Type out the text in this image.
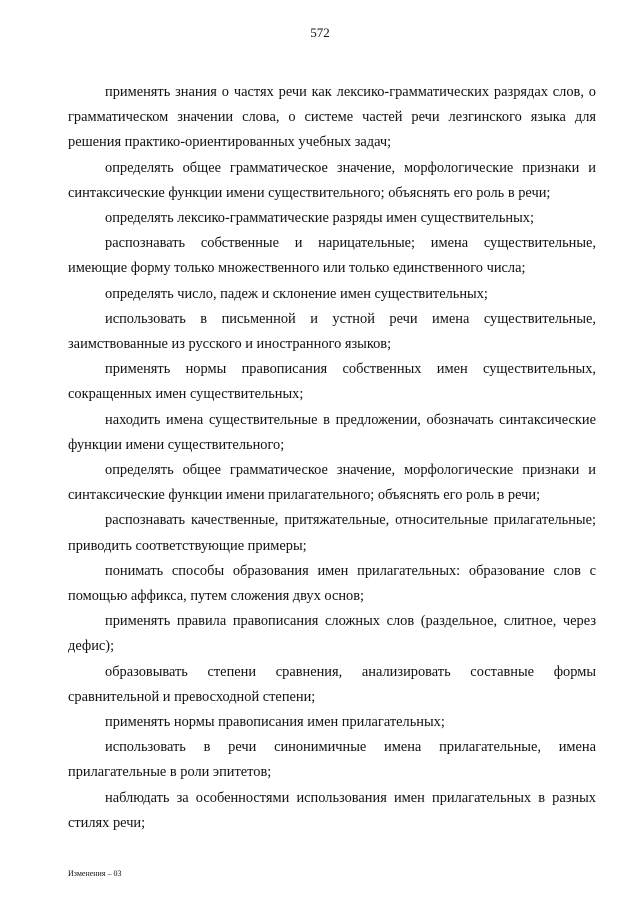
572

применять знания о частях речи как лексико-грамматических разрядах слов, о грамматическом значении слова, о системе частей речи лезгинского языка для решения практико-ориентированных учебных задач;

определять общее грамматическое значение, морфологические признаки и синтаксические функции имени существительного; объяснять его роль в речи;

определять лексико-грамматические разряды имен существительных;

распознавать собственные и нарицательные; имена существительные, имеющие форму только множественного или только единственного числа;

определять число, падеж и склонение имен существительных;

использовать в письменной и устной речи имена существительные, заимствованные из русского и иностранного языков;

применять нормы правописания собственных имен существительных, сокращенных имен существительных;

находить имена существительные в предложении, обозначать синтаксические функции имени существительного;

определять общее грамматическое значение, морфологические признаки и синтаксические функции имени прилагательного; объяснять его роль в речи;

распознавать качественные, притяжательные, относительные прилагательные; приводить соответствующие примеры;

понимать способы образования имен прилагательных: образование слов с помощью аффикса, путем сложения двух основ;

применять правила правописания сложных слов (раздельное, слитное, через дефис);

образовывать степени сравнения, анализировать составные формы сравнительной и превосходной степени;

применять нормы правописания имен прилагательных;

использовать в речи синонимичные имена прилагательные, имена прилагательные в роли эпитетов;

наблюдать за особенностями использования имен прилагательных в разных стилях речи;

Изменения – 03
